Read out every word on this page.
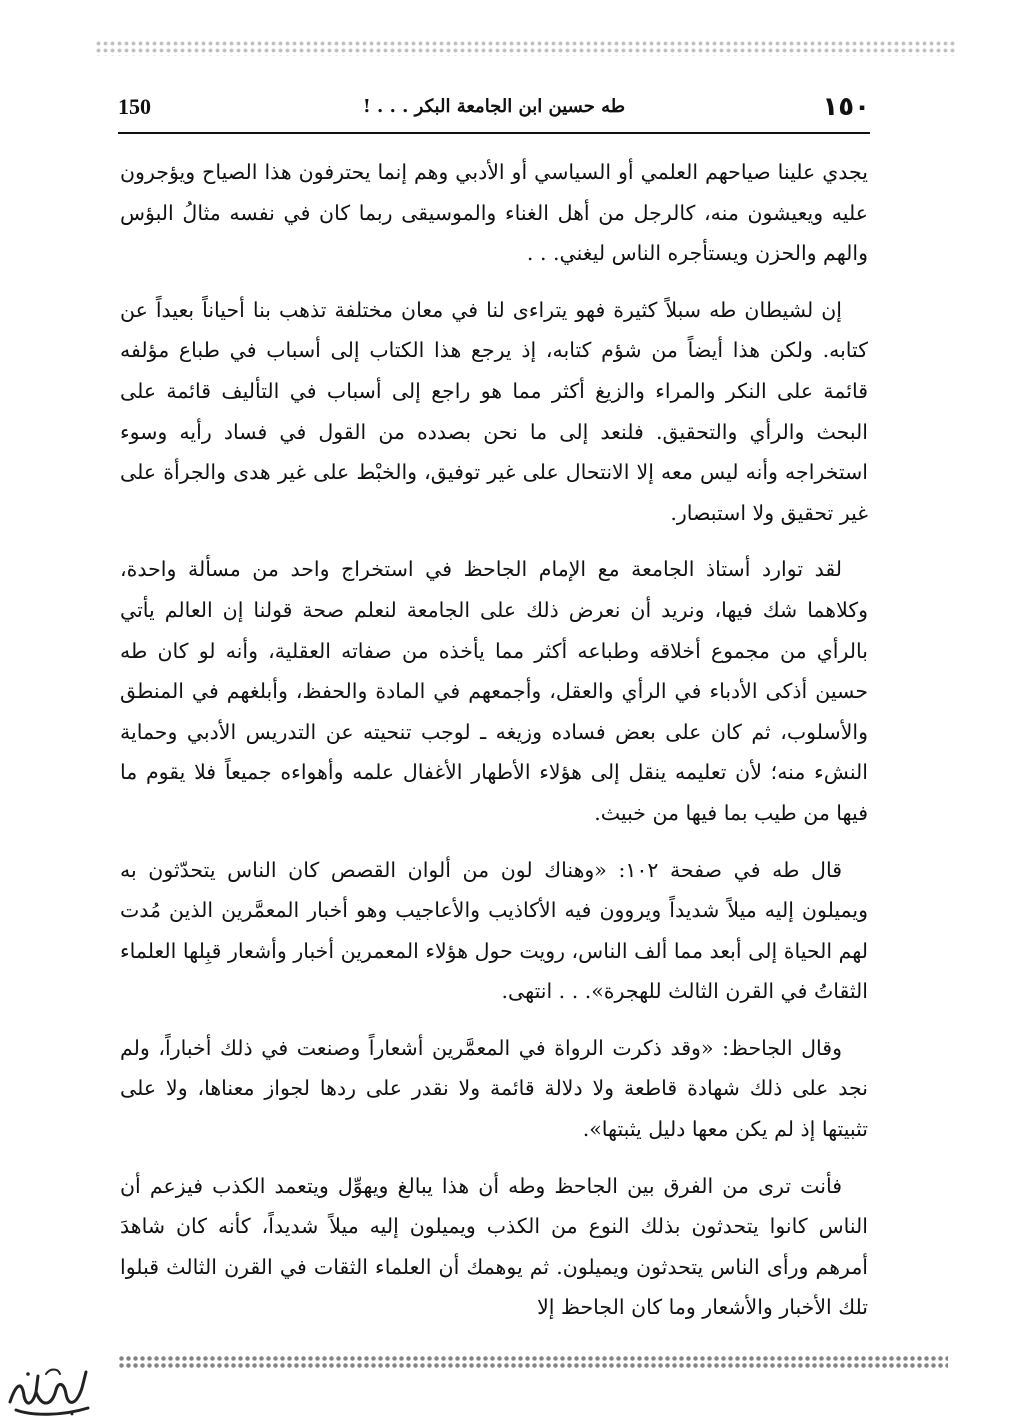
١٥٠
طه حسين ابن الجامعة البكر . . . !
150

يجدي علينا صياحهم العلمي أو السياسي أو الأدبي وهم إنما يحترفون هذا الصياح ويؤجرون عليه ويعيشون منه، كالرجل من أهل الغناء والموسيقى ربما كان في نفسه مثالُ البؤس والهم والحزن ويستأجره الناس ليغني. . .

إن لشيطان طه سبلاً كثيرة فهو يتراءى لنا في معان مختلفة تذهب بنا أحياناً بعيداً عن كتابه. ولكن هذا أيضاً من شؤم كتابه، إذ يرجع هذا الكتاب إلى أسباب في طباع مؤلفه قائمة على النكر والمراء والزيغ أكثر مما هو راجع إلى أسباب في التأليف قائمة على البحث والرأي والتحقيق. فلنعد إلى ما نحن بصدده من القول في فساد رأيه وسوء استخراجه وأنه ليس معه إلا الانتحال على غير توفيق، والخبْط على غير هدى والجرأة على غير تحقيق ولا استبصار.

لقد توارد أستاذ الجامعة مع الإمام الجاحظ في استخراج واحد من مسألة واحدة، وكلاهما شك فيها، ونريد أن نعرض ذلك على الجامعة لنعلم صحة قولنا إن العالم يأتي بالرأي من مجموع أخلاقه وطباعه أكثر مما يأخذه من صفاته العقلية، وأنه لو كان طه حسين أذكى الأدباء في الرأي والعقل، وأجمعهم في المادة والحفظ، وأبلغهم في المنطق والأسلوب، ثم كان على بعض فساده وزيغه ـ لوجب تنحيته عن التدريس الأدبي وحماية النشء منه؛ لأن تعليمه ينقل إلى هؤلاء الأطهار الأغفال علمه وأهواءه جميعاً فلا يقوم ما فيها من طيب بما فيها من خبيث.

قال طه في صفحة ١٠٢: «وهناك لون من ألوان القصص كان الناس يتحدّثون به ويميلون إليه ميلاً شديداً ويروون فيه الأكاذيب والأعاجيب وهو أخبار المعمَّرين الذين مُدت لهم الحياة إلى أبعد مما ألف الناس، رويت حول هؤلاء المعمرين أخبار وأشعار قبِلها العلماء الثقاتُ في القرن الثالث للهجرة». . . انتهى.

وقال الجاحظ: «وقد ذكرت الرواة في المعمَّرين أشعاراً وصنعت في ذلك أخباراً، ولم نجد على ذلك شهادة قاطعة ولا دلالة قائمة ولا نقدر على ردها لجواز معناها، ولا على تثبيتها إذ لم يكن معها دليل يثبتها».

فأنت ترى من الفرق بين الجاحظ وطه أن هذا يبالغ ويهوِّل ويتعمد الكذب فيزعم أن الناس كانوا يتحدثون بذلك النوع من الكذب ويميلون إليه ميلاً شديداً، كأنه كان شاهدَ أمرهم ورأى الناس يتحدثون ويميلون. ثم يوهمك أن العلماء الثقات في القرن الثالث قبلوا تلك الأخبار والأشعار وما كان الجاحظ إلا
